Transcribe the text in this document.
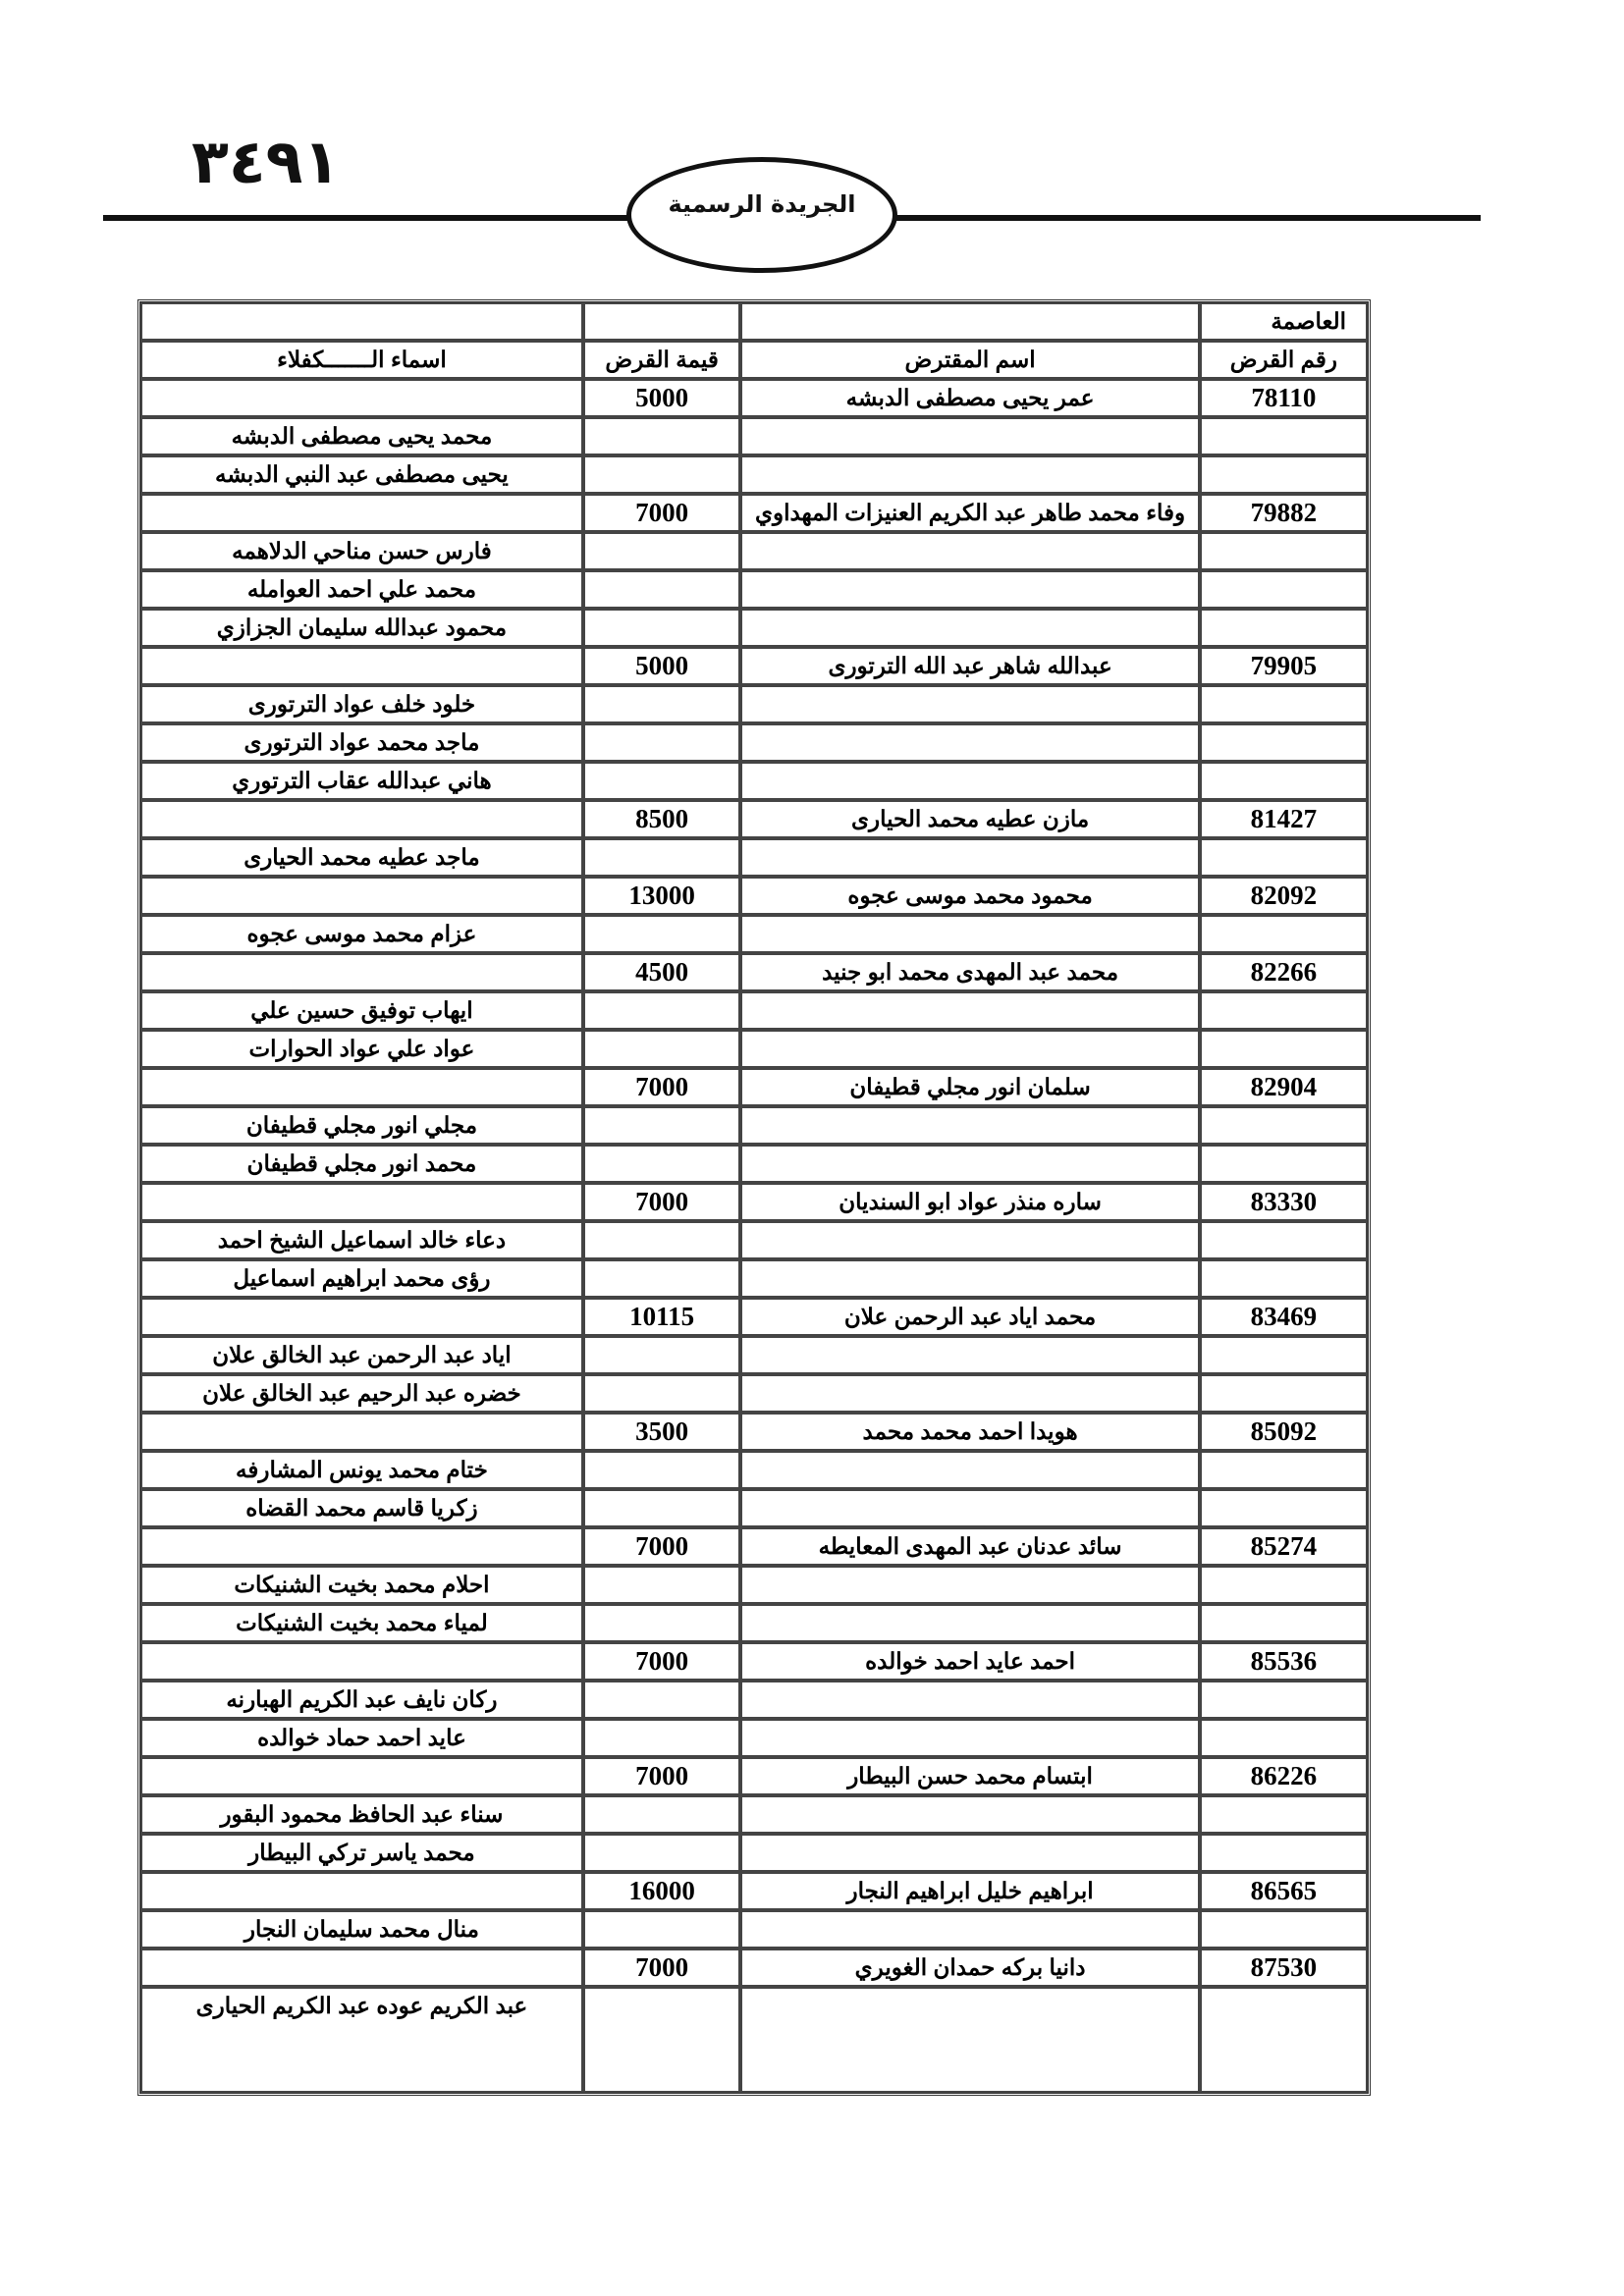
٣٤٩١
الجريدة الرسمية
			العاصمة
اسماء الـــــــكفلاء	قيمة القرض	اسم المقترض	رقم القرض
	5000	عمر يحيى مصطفى الدبشه	78110
محمد يحيى مصطفى الدبشه			
يحيى مصطفى عبد النبي الدبشه			
	7000	وفاء محمد طاهر عبد الكريم العنيزات المهداوي	79882
فارس حسن مناحي الدلاهمه			
محمد علي احمد العوامله			
محمود عبدالله سليمان الجزازي			
	5000	عبدالله شاهر عبد الله الترتورى	79905
خلود خلف عواد الترتورى			
ماجد محمد عواد الترتورى			
هاني عبدالله عقاب الترتوري			
	8500	مازن عطيه محمد الحيارى	81427
ماجد عطيه محمد الحيارى			
	13000	محمود محمد موسى عجوه	82092
عزام محمد موسى عجوه			
	4500	محمد عبد المهدى محمد ابو جنيد	82266
ايهاب توفيق حسين علي			
عواد علي عواد الحوارات			
	7000	سلمان انور مجلي قطيفان	82904
مجلي انور مجلي قطيفان			
محمد انور مجلي قطيفان			
	7000	ساره منذر عواد ابو السنديان	83330
دعاء خالد اسماعيل الشيخ احمد			
رؤى محمد ابراهيم اسماعيل			
	10115	محمد اياد عبد الرحمن علان	83469
اياد عبد الرحمن عبد الخالق علان			
خضره عبد الرحيم عبد الخالق علان			
	3500	هويدا احمد محمد محمد	85092
ختام محمد يونس المشارفه			
زكريا قاسم محمد القضاه			
	7000	سائد عدنان عبد المهدى المعايطه	85274
احلام محمد بخيت الشنيكات			
لمياء محمد بخيت الشنيكات			
	7000	احمد عايد احمد خوالده	85536
ركان نايف عبد الكريم الهبارنه			
عايد احمد حماد خوالده			
	7000	ابتسام محمد حسن البيطار	86226
سناء عبد الحافظ محمود البقور			
محمد ياسر تركي البيطار			
	16000	ابراهيم خليل ابراهيم النجار	86565
منال محمد سليمان النجار			
	7000	دانيا بركه حمدان الغويري	87530
عبد الكريم عوده عبد الكريم الحيارى			
